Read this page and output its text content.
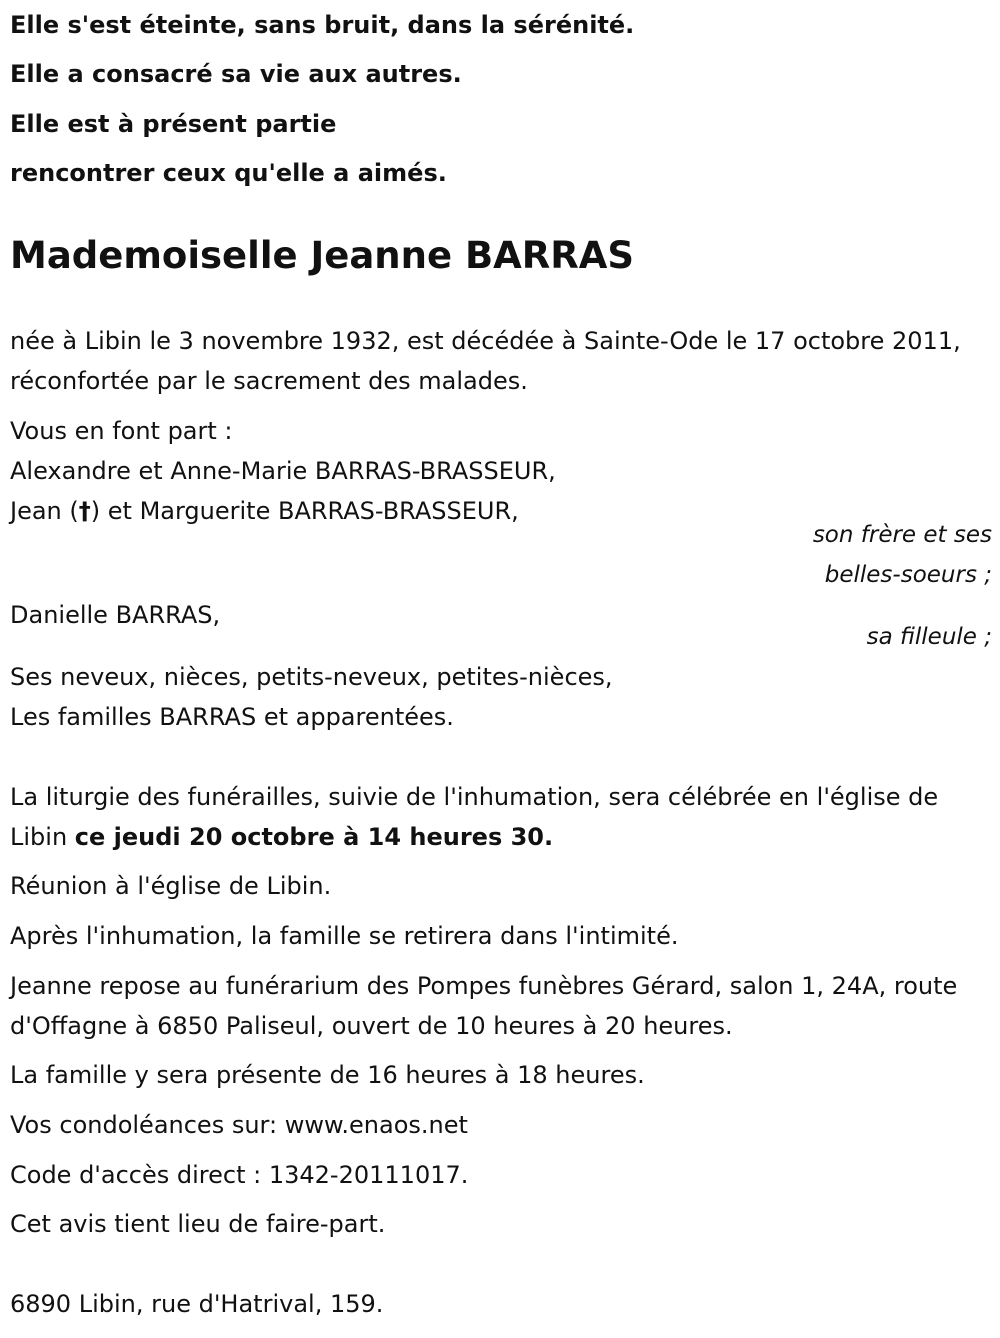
Elle s'est éteinte, sans bruit, dans la sérénité.
Elle a consacré sa vie aux autres.
Elle est à présent partie
rencontrer ceux qu'elle a aimés.
Mademoiselle Jeanne BARRAS
née à Libin le 3 novembre 1932, est décédée à Sainte-Ode le 17 octobre 2011, réconfortée par le sacrement des malades.
Vous en font part :
Alexandre et Anne-Marie BARRAS-BRASSEUR,
Jean (†) et Marguerite BARRAS-BRASSEUR,
son frère et ses
belles-soeurs ;
Danielle BARRAS,
sa filleule ;
Ses neveux, nièces, petits-neveux, petites-nièces,
Les familles BARRAS et apparentées.
La liturgie des funérailles, suivie de l'inhumation, sera célébrée en l'église de Libin ce jeudi 20 octobre à 14 heures 30.
Réunion à l'église de Libin.
Après l'inhumation, la famille se retirera dans l'intimité.
Jeanne repose au funérarium des Pompes funèbres Gérard, salon 1, 24A, route d'Offagne à 6850 Paliseul, ouvert de 10 heures à 20 heures.
La famille y sera présente de 16 heures à 18 heures.
Vos condoléances sur: www.enaos.net
Code d'accès direct : 1342-20111017.
Cet avis tient lieu de faire-part.
6890 Libin, rue d'Hatrival, 159.
